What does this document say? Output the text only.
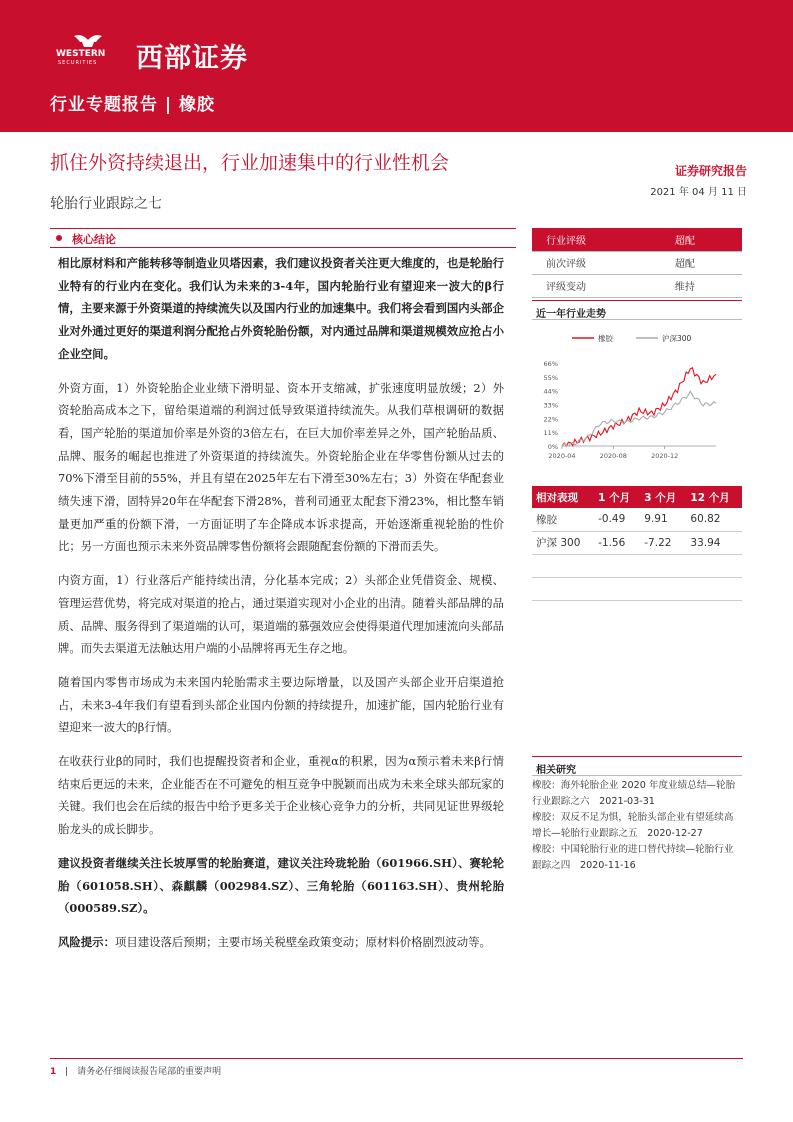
WESTERN
SECURITIES 西部证券
行业专题报告 | 橡胶
抓住外资持续退出，行业加速集中的行业性机会	证券研究报告
2021 年 04 月 11 日
轮胎行业跟踪之七
核心结论

相比原材料和产能转移等制造业贝塔因素，我们建议投资者关注更大维度的，也是轮胎行业特有的行业内在变化。我们认为未来的3-4年，国内轮胎行业有望迎来一波大的β行情，主要来源于外资渠道的持续流失以及国内行业的加速集中。我们将会看到国内头部企业对外通过更好的渠道利润分配抢占外资轮胎份额，对内通过品牌和渠道规模效应抢占小企业空间。

外资方面，1）外资轮胎企业业绩下滑明显、资本开支缩减，扩张速度明显放缓；2）外资轮胎高成本之下，留给渠道端的利润过低导致渠道持续流失。从我们草根调研的数据看，国产轮胎的渠道加价率是外资的3倍左右，在巨大加价率差异之外，国产轮胎品质、品牌、服务的崛起也推进了外资渠道的持续流失。外资轮胎企业在华零售份额从过去的70%下滑至目前的55%，并且有望在2025年左右下滑至30%左右；3）外资在华配套业绩失速下滑，固特异20年在华配套下滑28%，普利司通亚太配套下滑23%，相比整车销量更加严重的份额下滑，一方面证明了车企降成本诉求提高，开始逐渐重视轮胎的性价比；另一方面也预示未来外资品牌零售份额将会跟随配套份额的下滑而丢失。

内资方面，1）行业落后产能持续出清，分化基本完成；2）头部企业凭借资金、规模、管理运营优势，将完成对渠道的抢占，通过渠道实现对小企业的出清。随着头部品牌的品质、品牌、服务得到了渠道端的认可，渠道端的慕强效应会使得渠道代理加速流向头部品牌。而失去渠道无法触达用户端的小品牌将再无生存之地。

随着国内零售市场成为未来国内轮胎需求主要边际增量，以及国产头部企业开启渠道抢占，未来3-4年我们有望看到头部企业国内份额的持续提升，加速扩能，国内轮胎行业有望迎来一波大的β行情。

在收获行业β的同时，我们也提醒投资者和企业，重视α的积累，因为α预示着未来β行情结束后更远的未来，企业能否在不可避免的相互竞争中脱颖而出成为未来全球头部玩家的关键。我们也会在后续的报告中给予更多关于企业核心竞争力的分析，共同见证世界级轮胎龙头的成长脚步。

建议投资者继续关注长坡厚雪的轮胎赛道，建议关注玲珑轮胎（601966.SH）、赛轮轮胎（601058.SH）、森麒麟（002984.SZ）、三角轮胎（601163.SH）、贵州轮胎（000589.SZ）。

风险提示：项目建设落后预期；主要市场关税壁垒政策变动；原材料价格剧烈波动等。

行业评级	超配
前次评级	超配
评级变动	维持
近一年行业走势
0%
11%
22%
33%
44%
55%
66%
2020-04	2020-08	2020-12
橡胶	沪深300
相对表现	1 个月	3 个月	12 个月
橡胶	-0.49	9.91	60.82
沪深 300	-1.56	-7.22	33.94

相关研究
橡胶：海外轮胎企业 2020 年度业绩总结—轮胎行业跟踪之六　2021-03-31
橡胶：双反不足为惧，轮胎头部企业有望延续高增长—轮胎行业跟踪之五　2020-12-27
橡胶：中国轮胎行业的进口替代持续—轮胎行业跟踪之四　2020-11-16
1 | 请务必仔细阅读报告尾部的重要声明
